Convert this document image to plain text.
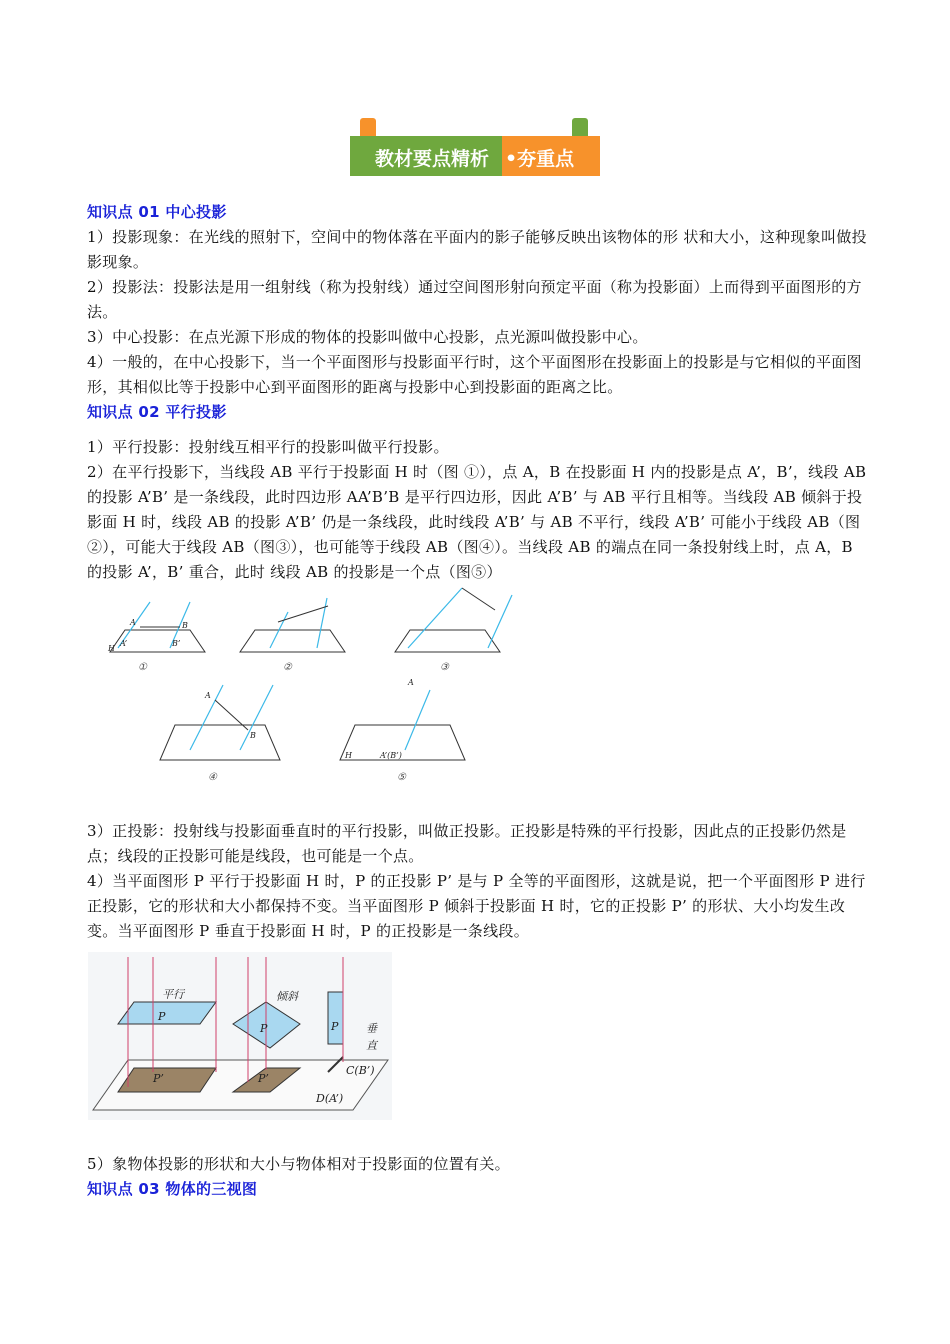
教材要点精析 •夯重点
知识点 01 中心投影
1）投影现象：在光线的照射下，空间中的物体落在平面内的影子能够反映出该物体的形 状和大小，这种现象叫做投影现象。
2）投影法：投影法是用一组射线（称为投射线）通过空间图形射向预定平面（称为投影面）上而得到平面图形的方法。
3）中心投影：在点光源下形成的物体的投影叫做中心投影，点光源叫做投影中心。
4）一般的，在中心投影下，当一个平面图形与投影面平行时，这个平面图形在投影面上的投影是与它相似的平面图形，其相似比等于投影中心到平面图形的距离与投影中心到投影面的距离之比。
知识点 02 平行投影
1）平行投影：投射线互相平行的投影叫做平行投影。
2）在平行投影下，当线段 AB 平行于投影面 H 时（图 ①），点 A，B 在投影面 H 内的投影是点 A’，B’，线段 AB 的投影 A’B’ 是一条线段，此时四边形 AA’B’B 是平行四边形，因此 A’B’ 与 AB 平行且相等。当线段 AB 倾斜于投影面 H 时，线段 AB 的投影 A’B’ 仍是一条线段，此时线段 A’B’ 与 AB 不平行，线段 A’B’ 可能小于线段 AB（图②），可能大于线段 AB（图③），也可能等于线段 AB（图④）。当线段 AB 的端点在同一条投射线上时，点 A，B 的投影 A’，B’ 重合，此时 线段 AB 的投影是一个点（图⑤）
A	B
A’	B’
H
A
B
A
A’(B’)
H
①	②	③
④	⑤
3）正投影：投射线与投影面垂直时的平行投影，叫做正投影。正投影是特殊的平行投影，因此点的正投影仍然是点；线段的正投影可能是线段，也可能是一个点。
4）当平面图形 P 平行于投影面 H 时，P 的正投影 P’ 是与 P 全等的平面图形，这就是说，把一个平面图形 P 进行正投影，它的形状和大小都保持不变。当平面图形 P 倾斜于投影面 H 时，它的正投影 P’ 的形状、大小均发生改变。当平面图形 P 垂直于投影面 H 时，P 的正投影是一条线段。
平行	倾斜
垂
直
P
P’
P
P’
P
C(B’)
D(A’)
5）象物体投影的形状和大小与物体相对于投影面的位置有关。
知识点 03 物体的三视图
